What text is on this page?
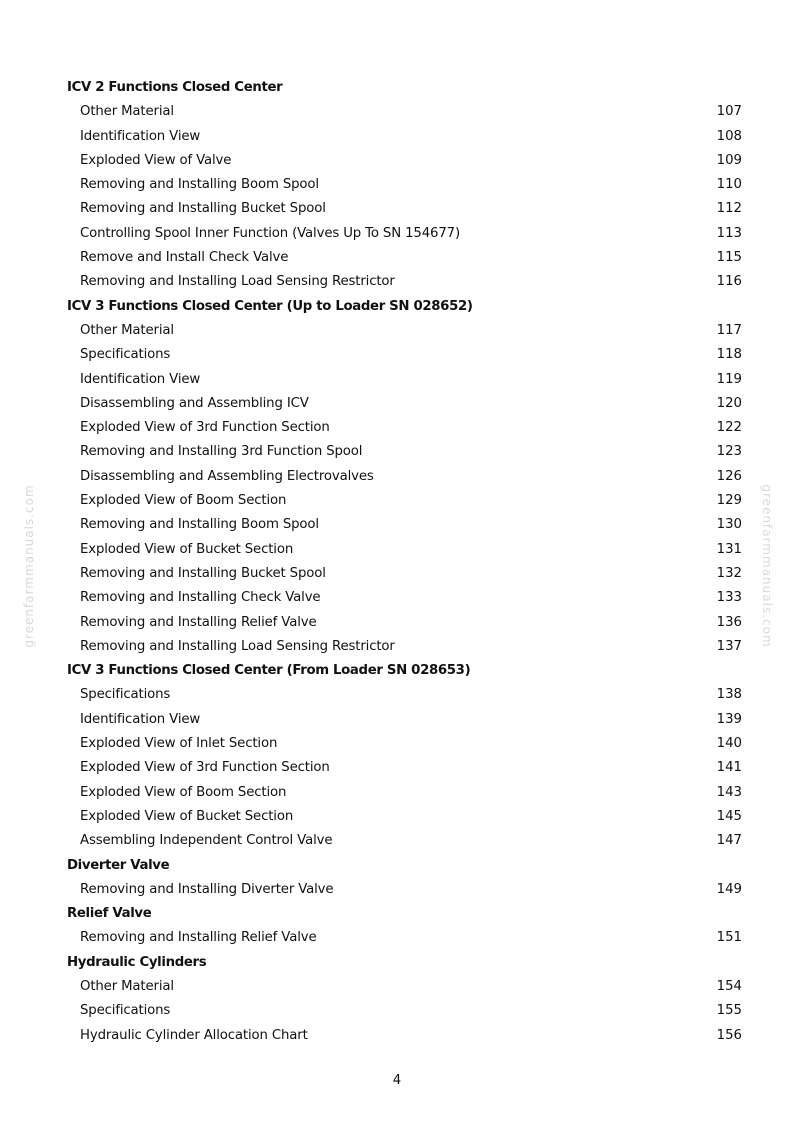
ICV 2 Functions Closed Center
Other Material	107
Identification View	108
Exploded View of Valve	109
Removing and Installing Boom Spool	110
Removing and Installing Bucket Spool	112
Controlling Spool Inner Function (Valves Up To SN 154677)	113
Remove and Install Check Valve	115
Removing and Installing Load Sensing Restrictor	116
ICV 3 Functions Closed Center (Up to Loader SN 028652)
Other Material	117
Specifications	118
Identification View	119
Disassembling and Assembling ICV	120
Exploded View of 3rd Function Section	122
Removing and Installing 3rd Function Spool	123
Disassembling and Assembling Electrovalves	126
Exploded View of Boom Section	129
Removing and Installing Boom Spool	130
Exploded View of Bucket Section	131
Removing and Installing Bucket Spool	132
Removing and Installing Check Valve	133
Removing and Installing Relief Valve	136
Removing and Installing Load Sensing Restrictor	137
ICV 3 Functions Closed Center (From Loader SN 028653)
Specifications	138
Identification View	139
Exploded View of Inlet Section	140
Exploded View of 3rd Function Section	141
Exploded View of Boom Section	143
Exploded View of Bucket Section	145
Assembling Independent Control Valve	147
Diverter Valve
Removing and Installing Diverter Valve	149
Relief Valve
Removing and Installing Relief Valve	151
Hydraulic Cylinders
Other Material	154
Specifications	155
Hydraulic Cylinder Allocation Chart	156
greenfarmmanuals.com	greenfarmmanuals.com
4
